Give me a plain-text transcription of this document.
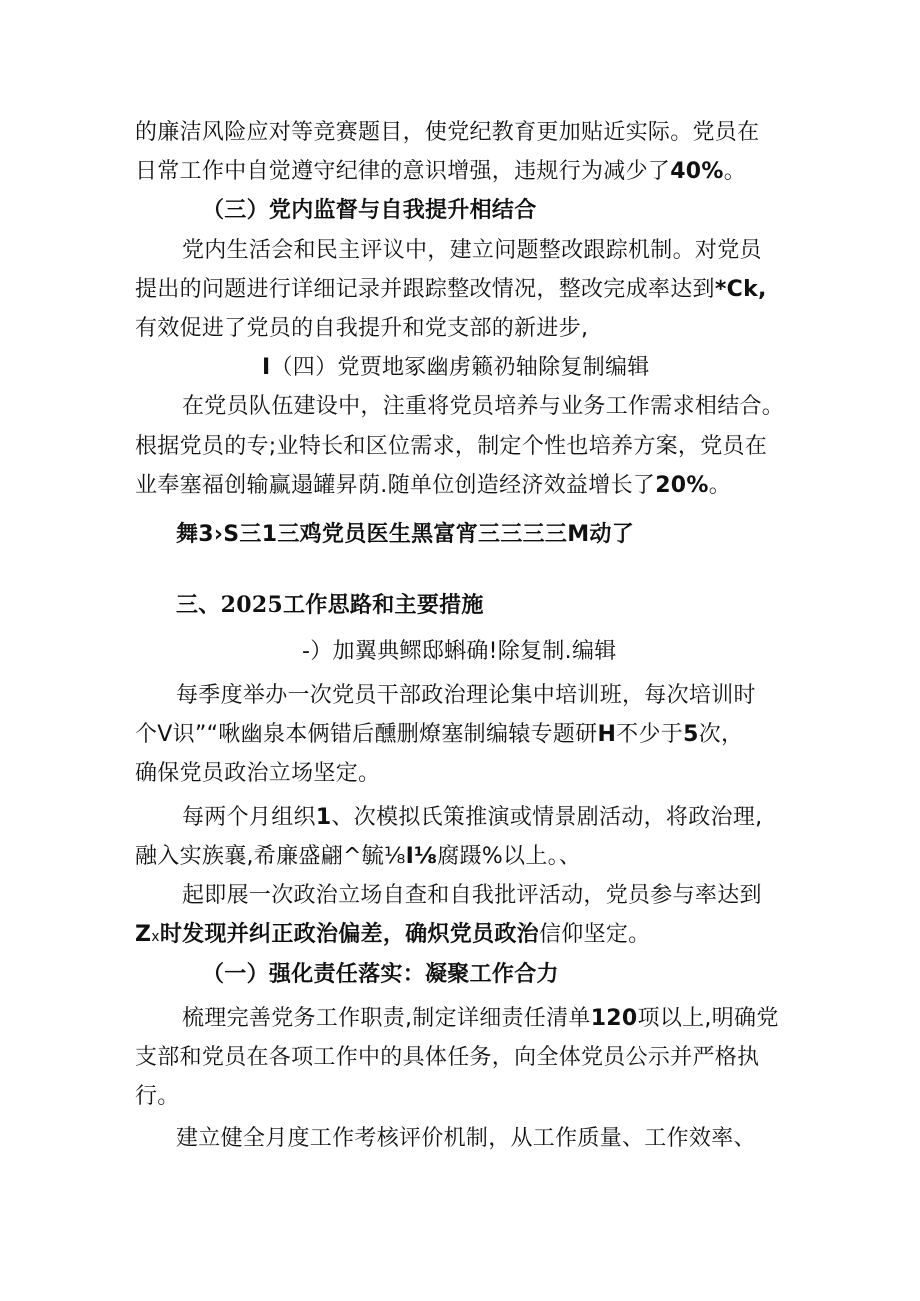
的廉洁风险应对等竞赛题目，使党纪教育更加贴近实际。党员在
日常工作中自觉遵守纪律的意识增强，违规行为减少了40%。
（三）党内监督与自我提升相结合
党内生活会和民主评议中，建立问题整改跟踪机制。对党员
提出的问题进行详细记录并跟踪整改情况，整改完成率达到*Ck,
有效促进了党员的自我提升和党支部的新进步,
I（四）党贾地冢幽虏籁礽轴除复制编辑
在党员队伍建设中，注重将党员培养与业务工作需求相结合。
根据党员的专;业特长和区位需求，制定个性也培养方案，党员在
业奉塞福创输赢遢罐昇荫.随单位创造经济效益增长了20%。
舞3›S三1三鸡党员医生黑富宵三三三三M动了
三、2025工作思路和主要措施
-）加翼典鳏邸蝌确!除复制.编辑
每季度举办一次党员干部政治理论集中培训班，每次培训时
个V识”“啾幽泉本俩错后醺删燎塞制编辕专题研H不少于5次，
确保党员政治立场坚定。
每两个月组织1、次模拟氏策推演或情景剧活动，将政治理,
融入实族襄,希廉盛翩^毓⅛I⅛腐蹑%以上。、
起即展一次政治立场自查和自我批评活动，党员参与率达到
Zx时发现并纠正政治偏差，确炽党员政治信仰坚定。
（一）强化责任落实：凝聚工作合力
梳理完善党务工作职责,制定详细责任清单120项以上,明确党
支部和党员在各项工作中的具体任务，向全体党员公示并严格执
行。
建立健全月度工作考核评价机制，从工作质量、工作效率、
